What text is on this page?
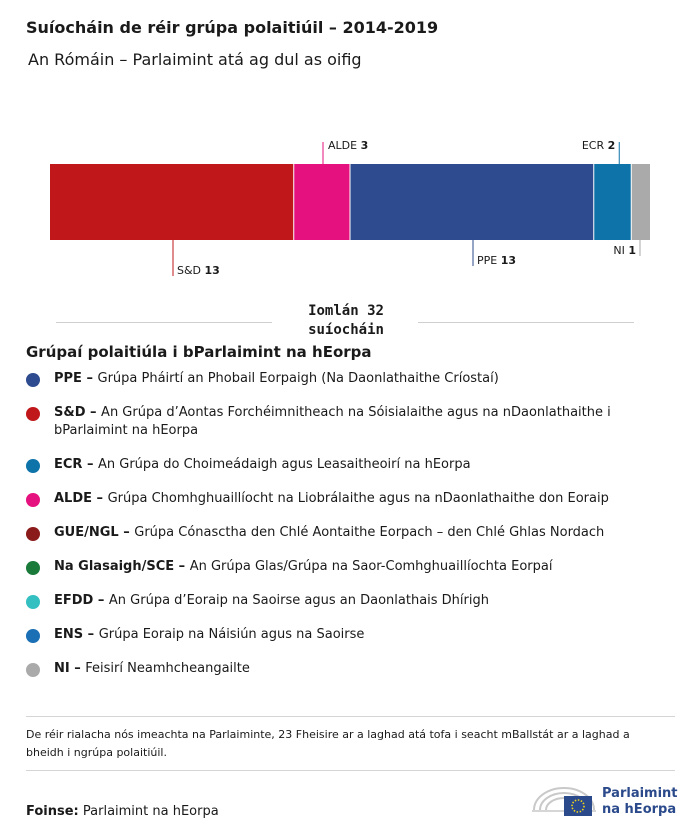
Suíocháin de réir grúpa polaitiúil – 2014-2019
An Rómáin – Parlaimint atá ag dul as oifig
S&D 13
ALDE 3
PPE 13
ECR 2
NI 1
Iomlán 32 suíocháin
Grúpaí polaitiúla i bParlaimint na hEorpa
PPE – Grúpa Pháirtí an Phobail Eorpaigh (Na Daonlathaithe Críostaí)
S&D – An Grúpa d’Aontas Forchéimnitheach na Sóisialaithe agus na nDaonlathaithe i bParlaimint na hEorpa
ECR – An Grúpa do Choimeádaigh agus Leasaitheoirí na hEorpa
ALDE – Grúpa Chomhghuaillíocht na Liobrálaithe agus na nDaonlathaithe don Eoraip
GUE/NGL – Grúpa Cónasctha den Chlé Aontaithe Eorpach – den Chlé Ghlas Nordach
Na Glasaigh/SCE – An Grúpa Glas/Grúpa na Saor-Comhghuaillíochta Eorpaí
EFDD – An Grúpa d’Eoraip na Saoirse agus an Daonlathais Dhírigh
ENS – Grúpa Eoraip na Náisiún agus na Saoirse
NI – Feisirí Neamhcheangailte
De réir rialacha nós imeachta na Parlaiminte, 23 Fheisire ar a laghad atá tofa i seacht mBallstát ar a laghad a bheidh i ngrúpa polaitiúil.
Foinse: Parlaimint na hEorpa
Parlaimint
na hEorpa
